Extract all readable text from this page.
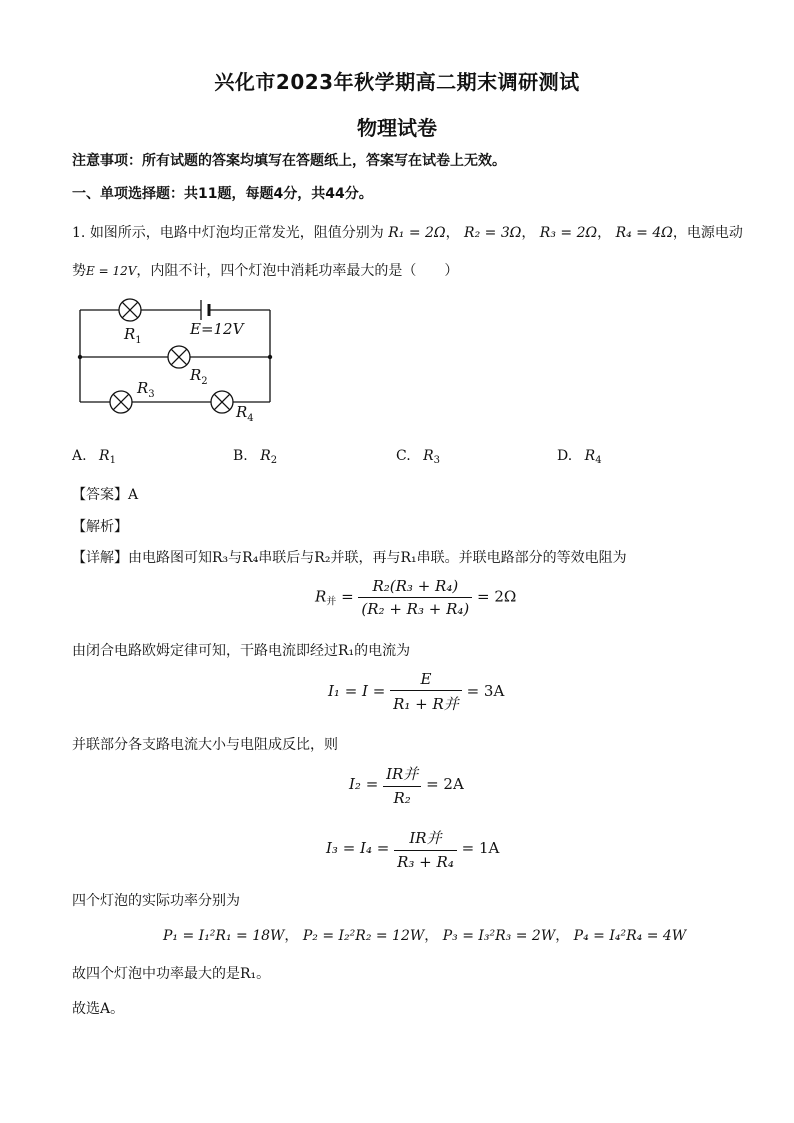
兴化市2023年秋学期高二期末调研测试
物理试卷
注意事项：所有试题的答案均填写在答题纸上，答案写在试卷上无效。
一、单项选择题：共11题，每题4分，共44分。
1. 如图所示，电路中灯泡均正常发光，阻值分别为 R₁ = 2Ω， R₂ = 3Ω， R₃ = 2Ω， R₄ = 4Ω，电源电动
势E = 12V，内阻不计，四个灯泡中消耗功率最大的是（　　）
$R_1$
E=12V
$R_2$
$R_3$
$R_4$
A. $R_1$	B. $R_2$	C. $R_3$	D. $R_4$
【答案】A
【解析】
【详解】由电路图可知R₃与R₄串联后与R₂并联，再与R₁串联。并联电路部分的等效电阻为
$R_并 = \frac{\text{R₂(R₃ + R₄)}}{\text{(R₂ + R₃ + R₄)}} = 2\Omega$
由闭合电路欧姆定律可知，干路电流即经过R₁的电流为
$I_1 = I = \frac{E}{\text{R₁ + R并}} = 3A$
并联部分各支路电流大小与电阻成反比，则
$I_2 = \frac{\text{IR并}}{\text{R₂}} = 2A$
$I_3 = I_4 = \frac{\text{IR并}}{\text{R₃ + R₄}} = 1A$
四个灯泡的实际功率分别为
P₁ = I₁²R₁ = 18W， P₂ = I₂²R₂ = 12W， P₃ = I₃²R₃ = 2W， P₄ = I₄²R₄ = 4W
故四个灯泡中功率最大的是R₁。
故选A。
